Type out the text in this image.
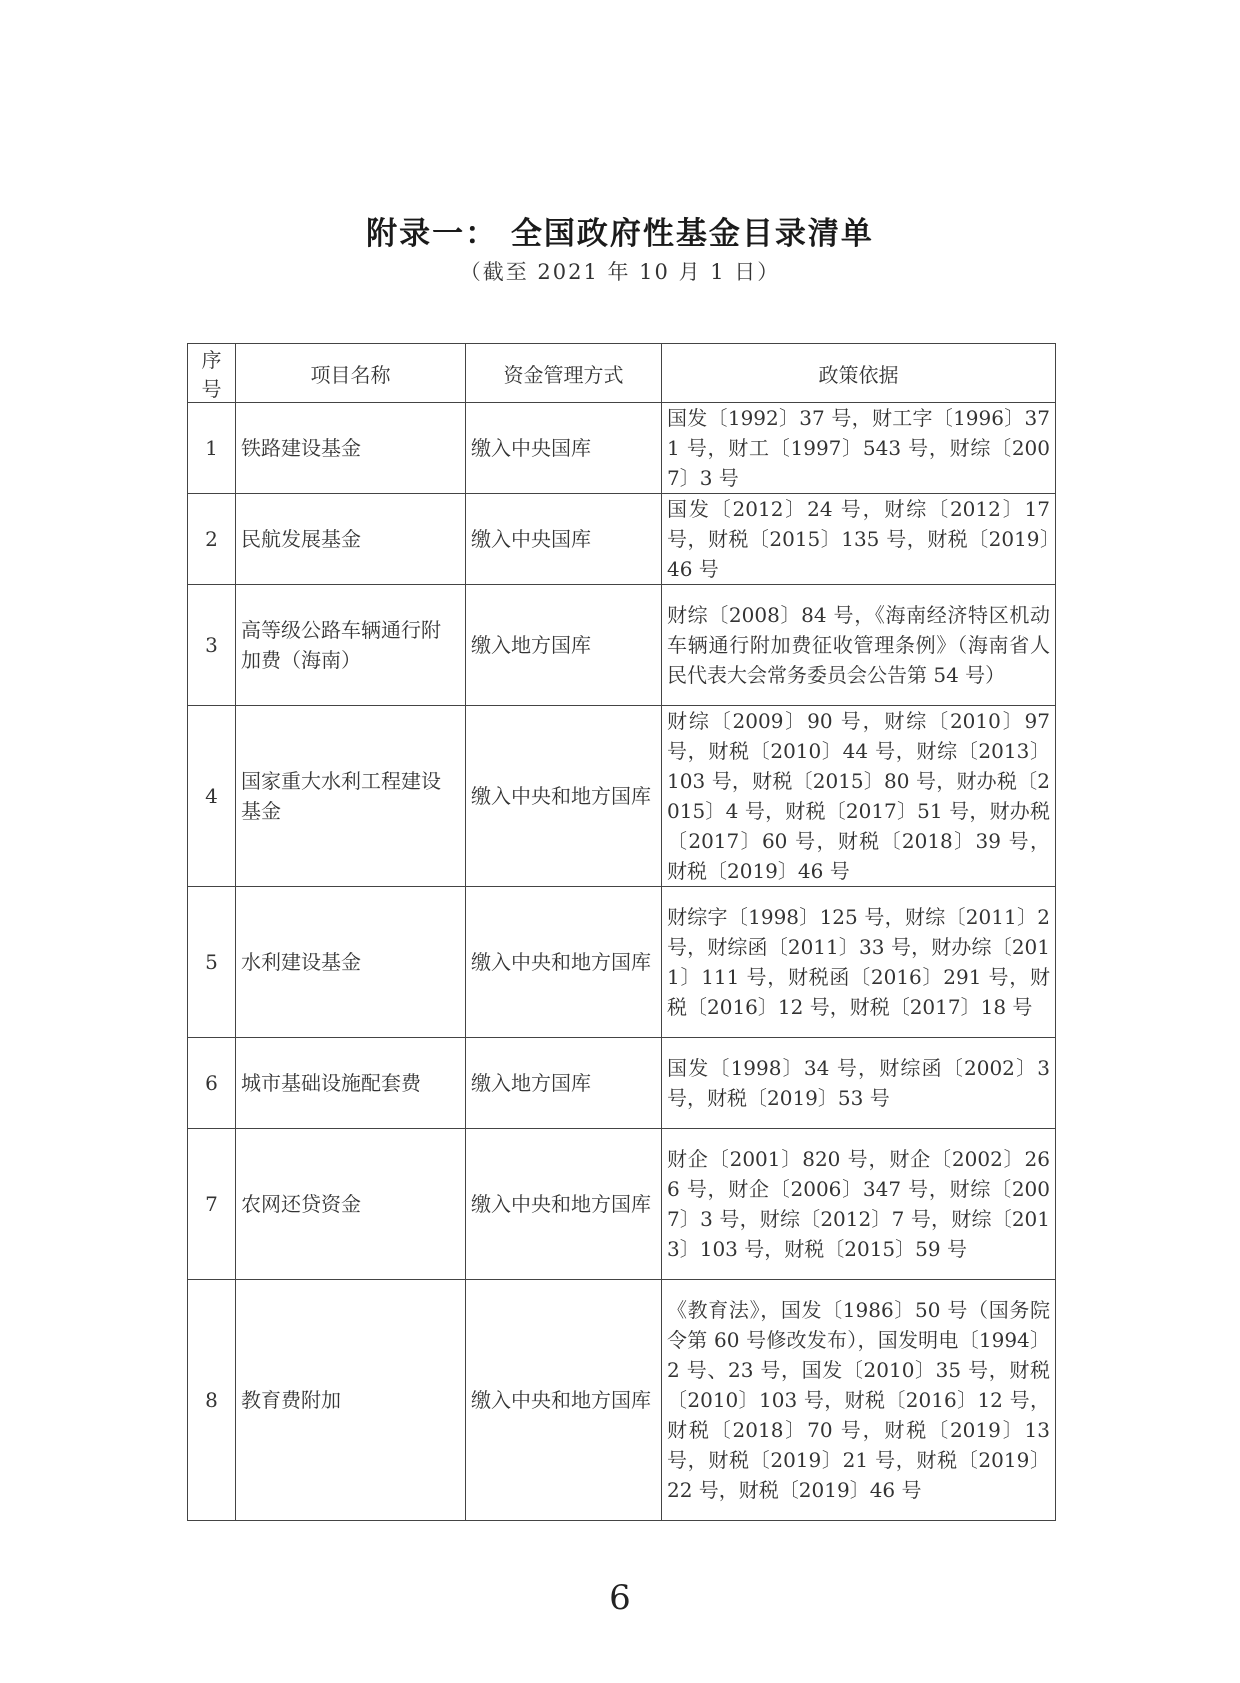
附录一： 全国政府性基金目录清单
（截至 2021 年 10 月 1 日）
序号	项目名称	资金管理方式	政策依据
1	铁路建设基金	缴入中央国库	国发〔1992〕37 号，财工字〔1996〕371 号，财工〔1997〕543 号，财综〔2007〕3 号
2	民航发展基金	缴入中央国库	国发〔2012〕24 号，财综〔2012〕17 号，财税〔2015〕135 号，财税〔2019〕46 号
3	高等级公路车辆通行附加费（海南）	缴入地方国库	财综〔2008〕84 号，《海南经济特区机动车辆通行附加费征收管理条例》（海南省人民代表大会常务委员会公告第 54 号）
4	国家重大水利工程建设基金	缴入中央和地方国库	财综〔2009〕90 号，财综〔2010〕97 号，财税〔2010〕44 号，财综〔2013〕103 号，财税〔2015〕80 号，财办税〔2015〕4 号，财税〔2017〕51 号，财办税〔2017〕60 号，财税〔2018〕39 号，财税〔2019〕46 号
5	水利建设基金	缴入中央和地方国库	财综字〔1998〕125 号，财综〔2011〕2 号，财综函〔2011〕33 号，财办综〔2011〕111 号，财税函〔2016〕291 号，财税〔2016〕12 号，财税〔2017〕18 号
6	城市基础设施配套费	缴入地方国库	国发〔1998〕34 号，财综函〔2002〕3 号，财税〔2019〕53 号
7	农网还贷资金	缴入中央和地方国库	财企〔2001〕820 号，财企〔2002〕266 号，财企〔2006〕347 号，财综〔2007〕3 号，财综〔2012〕7 号，财综〔2013〕103 号，财税〔2015〕59 号
8	教育费附加	缴入中央和地方国库	《教育法》，国发〔1986〕50 号（国务院令第 60 号修改发布），国发明电〔1994〕2 号、23 号，国发〔2010〕35 号，财税〔2010〕103 号，财税〔2016〕12 号，财税〔2018〕70 号，财税〔2019〕13 号，财税〔2019〕21 号，财税〔2019〕22 号，财税〔2019〕46 号
6
